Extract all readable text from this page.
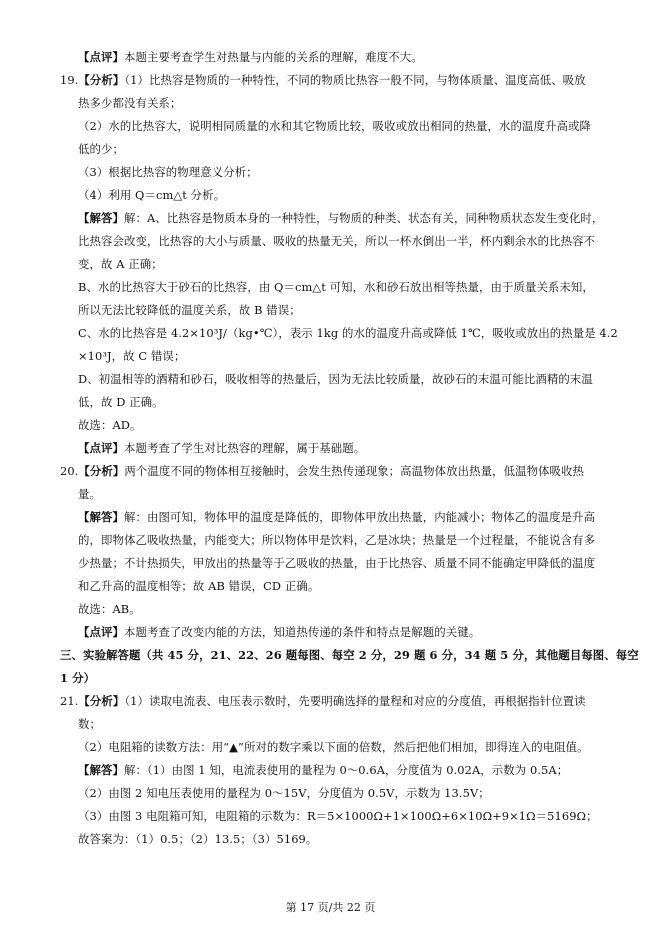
【点评】本题主要考查学生对热量与内能的关系的理解，难度不大。
19.【分析】（1）比热容是物质的一种特性，不同的物质比热容一般不同，与物体质量、温度高低、吸放
热多少都没有关系；
（2）水的比热容大，说明相同质量的水和其它物质比较，吸收或放出相同的热量，水的温度升高或降
低的少；
（3）根据比热容的物理意义分析；
（4）利用 Q＝cm△t 分析。
【解答】解：A、比热容是物质本身的一种特性，与物质的种类、状态有关，同种物质状态发生变化时，
比热容会改变，比热容的大小与质量、吸收的热量无关，所以一杯水倒出一半，杯内剩余水的比热容不
变，故 A 正确；
B、水的比热容大于砂石的比热容，由 Q＝cm△t 可知，水和砂石放出相等热量，由于质量关系未知，
所以无法比较降低的温度关系，故 B 错误；
C、水的比热容是 4.2×10³J/（kg•℃），表示 1kg 的水的温度升高或降低 1℃，吸收或放出的热量是 4.2
×10³J，故 C 错误；
D、初温相等的酒精和砂石，吸收相等的热量后，因为无法比较质量，故砂石的末温可能比酒精的末温
低，故 D 正确。
故选：AD。
【点评】本题考查了学生对比热容的理解，属于基础题。
20.【分析】两个温度不同的物体相互接触时，会发生热传递现象；高温物体放出热量，低温物体吸收热
量。
【解答】解：由图可知，物体甲的温度是降低的，即物体甲放出热量，内能减小；物体乙的温度是升高
的，即物体乙吸收热量，内能变大；所以物体甲是饮料，乙是冰块；热量是一个过程量，不能说含有多
少热量；不计热损失，甲放出的热量等于乙吸收的热量，由于比热容、质量不同不能确定甲降低的温度
和乙升高的温度相等；故 AB 错误，CD 正确。
故选：AB。
【点评】本题考查了改变内能的方法，知道热传递的条件和特点是解题的关键。
三、实验解答题（共 45 分，21、22、26 题每图、每空 2 分，29 题 6 分，34 题 5 分，其他题目每图、每空
1 分）
21.【分析】（1）读取电流表、电压表示数时，先要明确选择的量程和对应的分度值，再根据指针位置读
数；
（2）电阻箱的读数方法：用“▲”所对的数字乘以下面的倍数，然后把他们相加，即得连入的电阻值。
【解答】解：（1）由图 1 知，电流表使用的量程为 0～0.6A，分度值为 0.02A，示数为 0.5A；
（2）由图 2 知电压表使用的量程为 0～15V，分度值为 0.5V，示数为 13.5V；
（3）由图 3 电阻箱可知，电阻箱的示数为：R＝5×1000Ω+1×100Ω+6×10Ω+9×1Ω＝5169Ω；
故答案为：（1）0.5；（2）13.5；（3）5169。
第 17 页/共 22 页
